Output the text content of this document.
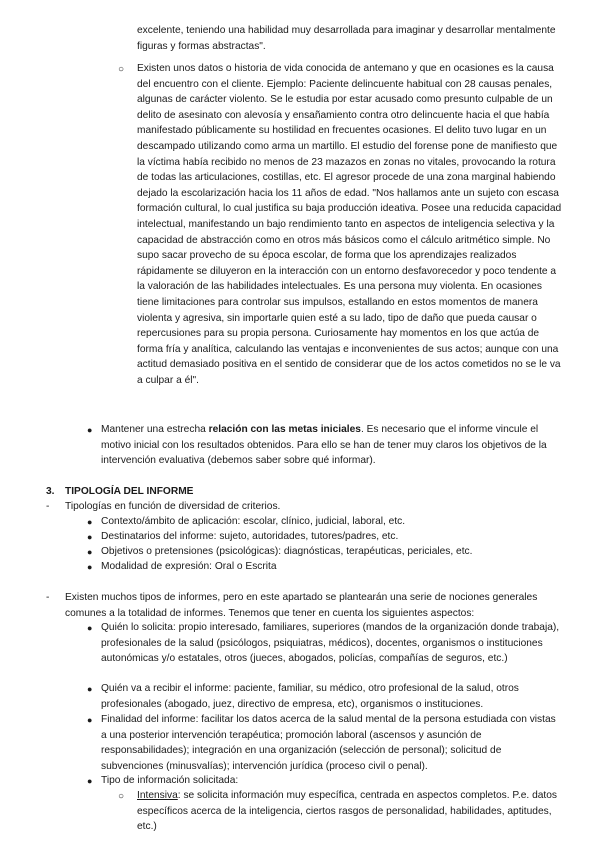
excelente, teniendo una habilidad muy desarrollada para imaginar y desarrollar mentalmente figuras y formas abstractas".
○	Existen unos datos o historia de vida conocida de antemano y que en ocasiones es la causa del encuentro con el cliente. Ejemplo: Paciente delincuente habitual con 28 causas penales, algunas de carácter violento. Se le estudia por estar acusado como presunto culpable de un delito de asesinato con alevosía y ensañamiento contra otro delincuente hacia el que había manifestado públicamente su hostilidad en frecuentes ocasiones. El delito tuvo lugar en un descampado utilizando como arma un martillo. El estudio del forense pone de manifiesto que la víctima había recibido no menos de 23 mazazos en zonas no vitales, provocando la rotura de todas las articulaciones, costillas, etc. El agresor procede de una zona marginal habiendo dejado la escolarización hacia los 11 años de edad. "Nos hallamos ante un sujeto con escasa formación cultural, lo cual justifica su baja producción ideativa. Posee una reducida capacidad intelectual, manifestando un bajo rendimiento tanto en aspectos de inteligencia selectiva y la capacidad de abstracción como en otros más básicos como el cálculo aritmético simple. No supo sacar provecho de su época escolar, de forma que los aprendizajes realizados rápidamente se diluyeron en la interacción con un entorno desfavorecedor y poco tendente a la valoración de las habilidades intelectuales. Es una persona muy violenta. En ocasiones tiene limitaciones para controlar sus impulsos, estallando en estos momentos de manera violenta y agresiva, sin importarle quien esté a su lado, tipo de daño que pueda causar o repercusiones para su propia persona. Curiosamente hay momentos en los que actúa de forma fría y analítica, calculando las ventajas e inconvenientes de sus actos; aunque con una actitud demasiado positiva en el sentido de considerar que de los actos cometidos no se le va a culpar a él".
● Mantener una estrecha relación con las metas iniciales. Es necesario que el informe vincule el motivo inicial con los resultados obtenidos. Para ello se han de tener muy claros los objetivos de la intervención evaluativa (debemos saber sobre qué informar).
3. TIPOLOGÍA DEL INFORME
- Tipologías en función de diversidad de criterios.
● Contexto/ámbito de aplicación: escolar, clínico, judicial, laboral, etc.
● Destinatarios del informe: sujeto, autoridades, tutores/padres, etc.
● Objetivos o pretensiones (psicológicas): diagnósticas, terapéuticas, periciales, etc.
● Modalidad de expresión: Oral o Escrita
- Existen muchos tipos de informes, pero en este apartado se plantearán una serie de nociones generales comunes a la totalidad de informes. Tenemos que tener en cuenta los siguientes aspectos:
● Quién lo solicita: propio interesado, familiares, superiores (mandos de la organización donde trabaja), profesionales de la salud (psicólogos, psiquiatras, médicos), docentes, organismos o instituciones autonómicas y/o estatales, otros (jueces, abogados, policías, compañías de seguros, etc.)
● Quién va a recibir el informe: paciente, familiar, su médico, otro profesional de la salud, otros profesionales (abogado, juez, directivo de empresa, etc), organismos o instituciones.
● Finalidad del informe: facilitar los datos acerca de la salud mental de la persona estudiada con vistas a una posterior intervención terapéutica; promoción laboral (ascensos y asunción de responsabilidades); integración en una organización (selección de personal); solicitud de subvenciones (minusvalías); intervención jurídica (proceso civil o penal).
● Tipo de información solicitada:
○	Intensiva: se solicita información muy específica, centrada en aspectos completos. P.e. datos específicos acerca de la inteligencia, ciertos rasgos de personalidad, habilidades, aptitudes, etc.)
